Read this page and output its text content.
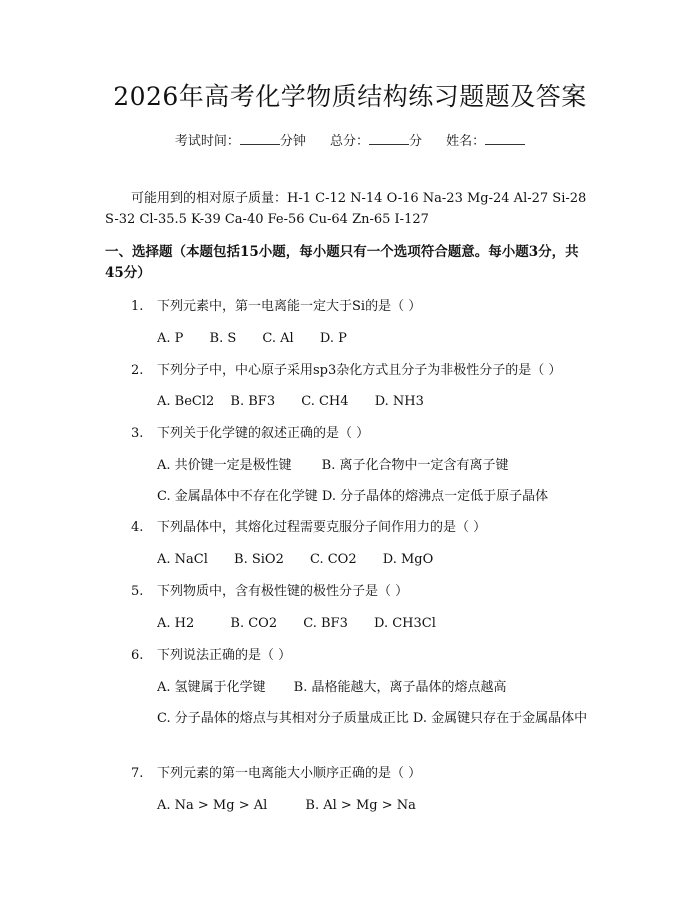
2026年高考化学物质结构练习题题及答案
考试时间：	分钟 总分：	分 姓名：
可能用到的相对原子质量：H-1 C-12 N-14 O-16 Na-23 Mg-24 Al-27 Si-28 S-32 Cl-35.5 K-39 Ca-40 Fe-56 Cu-64 Zn-65 I-127
一、选择题（本题包括15小题，每小题只有一个选项符合题意。每小题3分，共45分）
1. 下列元素中，第一电离能一定大于Si的是（ ）
A. P B. S C. Al D. P
2. 下列分子中，中心原子采用sp3杂化方式且分子为非极性分子的是（ ）
A. BeCl2 B. BF3 C. CH4 D. NH3
3. 下列关于化学键的叙述正确的是（ ）
A. 共价键一定是极性键 B. 离子化合物中一定含有离子键
C. 金属晶体中不存在化学键 D. 分子晶体的熔沸点一定低于原子晶体
4. 下列晶体中，其熔化过程需要克服分子间作用力的是（ ）
A. NaCl B. SiO2 C. CO2 D. MgO
5. 下列物质中，含有极性键的极性分子是（ ）
A. H2	B. CO2 C. BF3 D. CH3Cl
6. 下列说法正确的是（ ）
A. 氢键属于化学键 B. 晶格能越大，离子晶体的熔点越高
C. 分子晶体的熔点与其相对分子质量成正比 D. 金属键只存在于金属晶体中
7. 下列元素的第一电离能大小顺序正确的是（ ）
A. Na > Mg > Al	B. Al > Mg > Na
